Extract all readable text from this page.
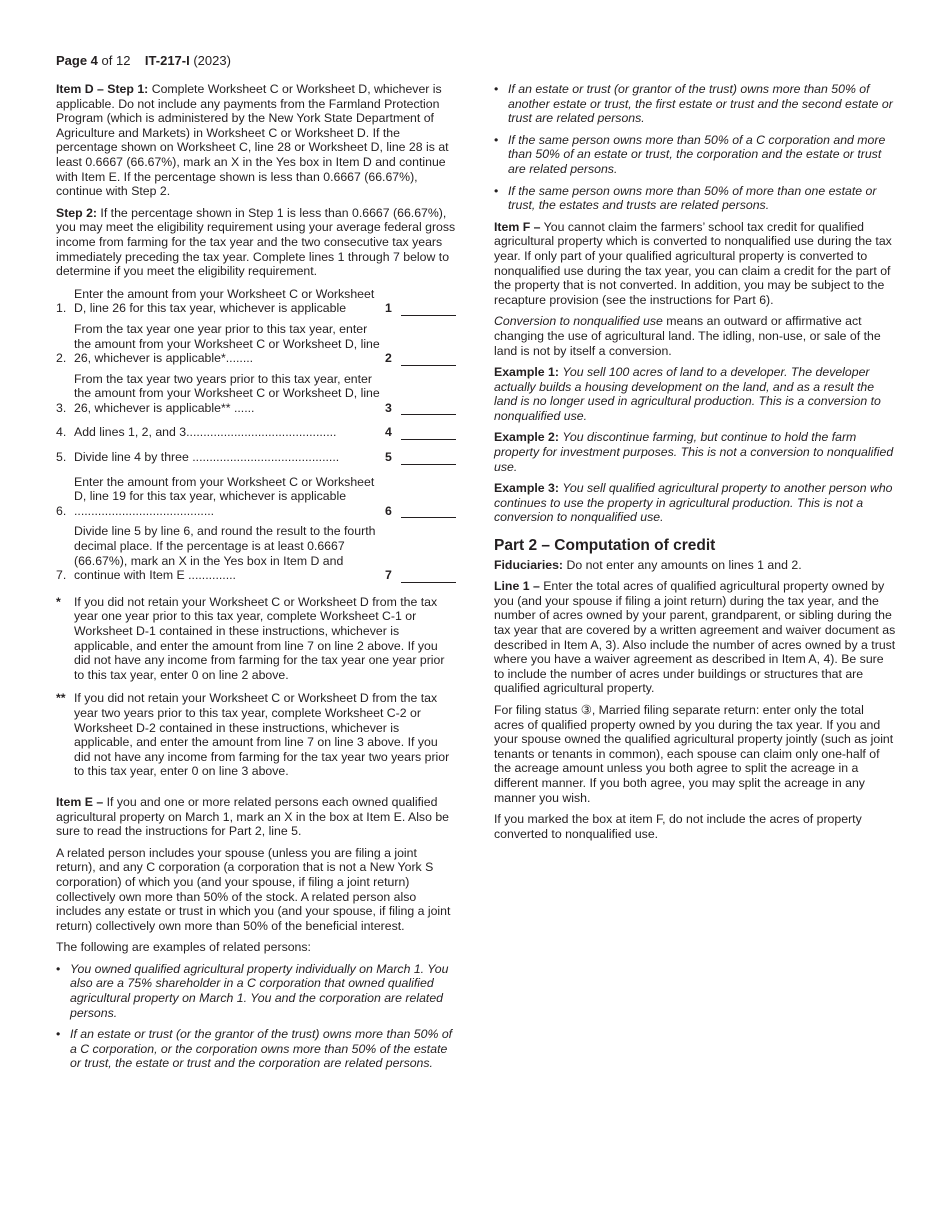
Page 4 of 12 IT-217-I (2023)

Item D – Step 1: Complete Worksheet C or Worksheet D, whichever is applicable. Do not include any payments from the Farmland Protection Program (which is administered by the New York State Department of Agriculture and Markets) in Worksheet C or Worksheet D. If the percentage shown on Worksheet C, line 28 or Worksheet D, line 28 is at least 0.6667 (66.67%), mark an X in the Yes box in Item D and continue with Item E. If the percentage shown is less than 0.6667 (66.67%), continue with Step 2.

Step 2: If the percentage shown in Step 1 is less than 0.6667 (66.67%), you may meet the eligibility requirement using your average federal gross income from farming for the tax year and the two consecutive tax years immediately preceding the tax year. Complete lines 1 through 7 below to determine if you meet the eligibility requirement.

1.
Enter the amount from your Worksheet C or Worksheet D, line 26 for this tax year, whichever is applicable	1
2.
From the tax year one year prior to this tax year, enter the amount from your Worksheet C or Worksheet D, line 26, whichever is applicable*........	2
3.
From the tax year two years prior to this tax year, enter the amount from your Worksheet C or Worksheet D, line 26, whichever is applicable** ......	3
4. Add lines 1, 2, and 3............................................	4
5. Divide line 4 by three ...........................................	5
6.
Enter the amount from your Worksheet C or Worksheet D, line 19 for this tax year, whichever is applicable .........................................	6
7.
Divide line 5 by line 6, and round the result to the fourth decimal place. If the percentage is at least 0.6667 (66.67%), mark an X in the Yes box in Item D and continue with Item E ..............	7
*	If you did not retain your Worksheet C or Worksheet D from the tax year one year prior to this tax year, complete Worksheet C-1 or Worksheet D-1 contained in these instructions, whichever is applicable, and enter the amount from line 7 on line 2 above. If you did not have any income from farming for the tax year one year prior to this tax year, enter 0 on line 2 above.
** If you did not retain your Worksheet C or Worksheet D from the tax year two years prior to this tax year, complete Worksheet C-2 or Worksheet D-2 contained in these instructions, whichever is applicable, and enter the amount from line 7 on line 3 above. If you did not have any income from farming for the tax year two years prior to this tax year, enter 0 on line 3 above.

Item E – If you and one or more related persons each owned qualified agricultural property on March 1, mark an X in the box at Item E. Also be sure to read the instructions for Part 2, line 5.

A related person includes your spouse (unless you are filing a joint return), and any C corporation (a corporation that is not a New York S corporation) of which you (and your spouse, if filing a joint return) collectively own more than 50% of the stock. A related person also includes any estate or trust in which you (and your spouse, if filing a joint return) collectively own more than 50% of the beneficial interest.

The following are examples of related persons:

• You owned qualified agricultural property individually on March 1. You also are a 75% shareholder in a C corporation that owned qualified agricultural property on March 1. You and the corporation are related persons.
• If an estate or trust (or the grantor of the trust) owns more than 50% of a C corporation, or the corporation owns more than 50% of the estate or trust, the estate or trust and the corporation are related persons.
• If an estate or trust (or grantor of the trust) owns more than 50% of another estate or trust, the first estate or trust and the second estate or trust are related persons.
• If the same person owns more than 50% of a C corporation and more than 50% of an estate or trust, the corporation and the estate or trust are related persons.
• If the same person owns more than 50% of more than one estate or trust, the estates and trusts are related persons.

Item F – You cannot claim the farmers’ school tax credit for qualified agricultural property which is converted to nonqualified use during the tax year. If only part of your qualified agricultural property is converted to nonqualified use during the tax year, you can claim a credit for the part of the property that is not converted. In addition, you may be subject to the recapture provision (see the instructions for Part 6).

Conversion to nonqualified use means an outward or affirmative act changing the use of agricultural land. The idling, non-use, or sale of the land is not by itself a conversion.

Example 1: You sell 100 acres of land to a developer. The developer actually builds a housing development on the land, and as a result the land is no longer used in agricultural production. This is a conversion to nonqualified use.

Example 2: You discontinue farming, but continue to hold the farm property for investment purposes. This is not a conversion to nonqualified use.

Example 3: You sell qualified agricultural property to another person who continues to use the property in agricultural production. This is not a conversion to nonqualified use.

Part 2 – Computation of credit

Fiduciaries: Do not enter any amounts on lines 1 and 2.

Line 1 – Enter the total acres of qualified agricultural property owned by you (and your spouse if filing a joint return) during the tax year, and the number of acres owned by your parent, grandparent, or sibling during the tax year that are covered by a written agreement and waiver document as described in Item A, 3). Also include the number of acres owned by a trust where you have a waiver agreement as described in Item A, 4). Be sure to include the number of acres under buildings or structures that are qualified agricultural property.

For filing status ③, Married filing separate return: enter only the total acres of qualified property owned by you during the tax year. If you and your spouse owned the qualified agricultural property jointly (such as joint tenants or tenants in common), each spouse can claim only one-half of the acreage amount unless you both agree to split the acreage in a different manner. If you both agree, you may split the acreage in any manner you wish.

If you marked the box at item F, do not include the acres of property converted to nonqualified use.
